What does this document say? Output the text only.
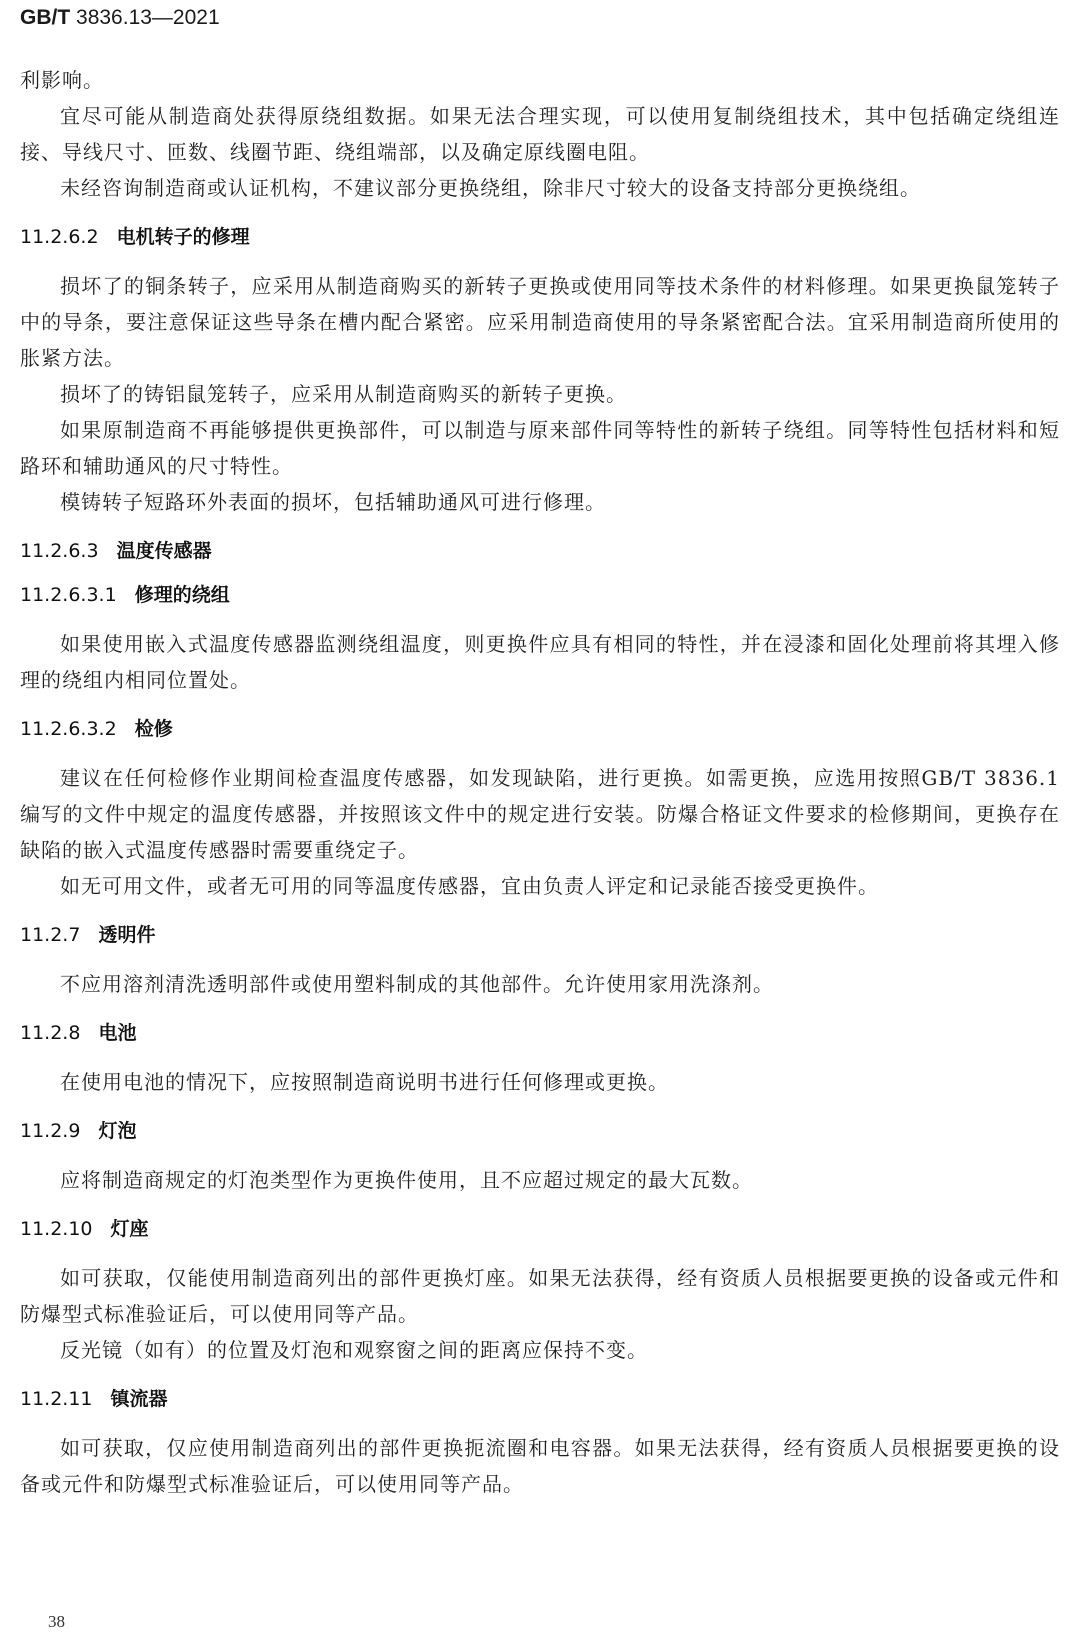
GB/T 3836.13—2021

利影响。

宜尽可能从制造商处获得原绕组数据。如果无法合理实现，可以使用复制绕组技术，其中包括确定绕组连接、导线尺寸、匝数、线圈节距、绕组端部，以及确定原线圈电阻。

未经咨询制造商或认证机构，不建议部分更换绕组，除非尺寸较大的设备支持部分更换绕组。

11.2.6.2 电机转子的修理

损坏了的铜条转子，应采用从制造商购买的新转子更换或使用同等技术条件的材料修理。如果更换鼠笼转子中的导条，要注意保证这些导条在槽内配合紧密。应采用制造商使用的导条紧密配合法。宜采用制造商所使用的胀紧方法。

损坏了的铸铝鼠笼转子，应采用从制造商购买的新转子更换。

如果原制造商不再能够提供更换部件，可以制造与原来部件同等特性的新转子绕组。同等特性包括材料和短路环和辅助通风的尺寸特性。

模铸转子短路环外表面的损坏，包括辅助通风可进行修理。

11.2.6.3 温度传感器
11.2.6.3.1 修理的绕组

如果使用嵌入式温度传感器监测绕组温度，则更换件应具有相同的特性，并在浸漆和固化处理前将其埋入修理的绕组内相同位置处。

11.2.6.3.2 检修

建议在任何检修作业期间检查温度传感器，如发现缺陷，进行更换。如需更换，应选用按照GB/T 3836.1 编写的文件中规定的温度传感器，并按照该文件中的规定进行安装。防爆合格证文件要求的检修期间，更换存在缺陷的嵌入式温度传感器时需要重绕定子。

如无可用文件，或者无可用的同等温度传感器，宜由负责人评定和记录能否接受更换件。

11.2.7 透明件

不应用溶剂清洗透明部件或使用塑料制成的其他部件。允许使用家用洗涤剂。

11.2.8 电池

在使用电池的情况下，应按照制造商说明书进行任何修理或更换。

11.2.9 灯泡

应将制造商规定的灯泡类型作为更换件使用，且不应超过规定的最大瓦数。

11.2.10 灯座

如可获取，仅能使用制造商列出的部件更换灯座。如果无法获得，经有资质人员根据要更换的设备或元件和防爆型式标准验证后，可以使用同等产品。

反光镜（如有）的位置及灯泡和观察窗之间的距离应保持不变。

11.2.11 镇流器

如可获取，仅应使用制造商列出的部件更换扼流圈和电容器。如果无法获得，经有资质人员根据要更换的设备或元件和防爆型式标准验证后，可以使用同等产品。

38
